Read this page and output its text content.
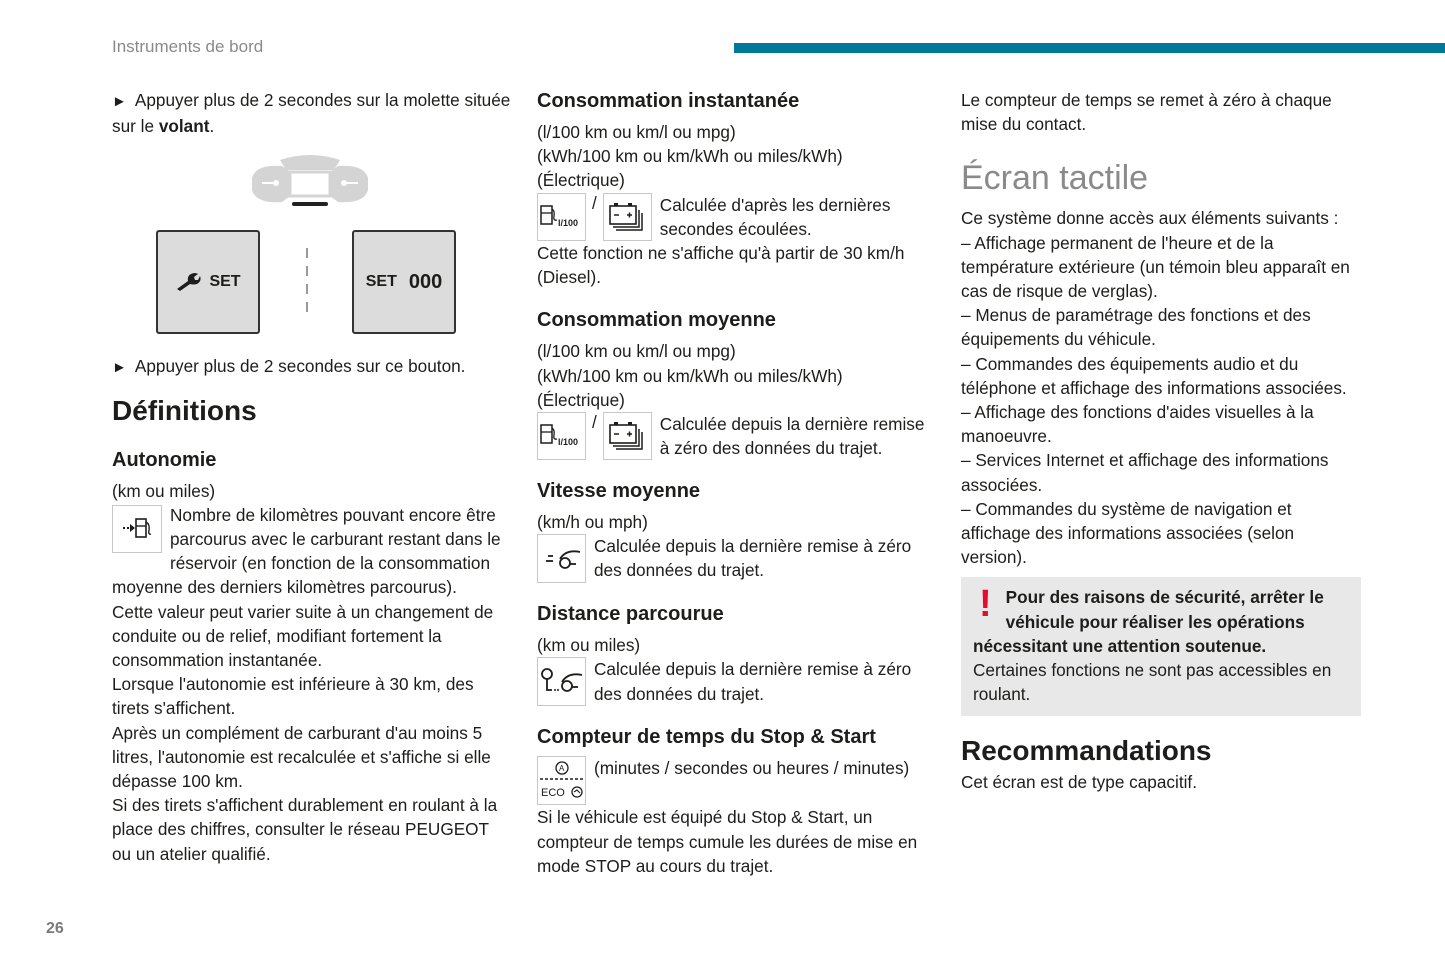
Instruments de bord

► Appuyer plus de 2 secondes sur la molette située sur le volant.

SET	SET 000

► Appuyer plus de 2 secondes sur ce bouton.

Définitions
Autonomie

(km ou miles)

Nombre de kilomètres pouvant encore être parcourus avec le carburant restant dans le réservoir (en fonction de la consommation moyenne des derniers kilomètres parcourus).

Cette valeur peut varier suite à un changement de conduite ou de relief, modifiant fortement la consommation instantanée.

Lorsque l'autonomie est inférieure à 30 km, des tirets s'affichent.

Après un complément de carburant d'au moins 5 litres, l'autonomie est recalculée et s'affiche si elle dépasse 100 km.

Si des tirets s'affichent durablement en roulant à la place des chiffres, consulter le réseau PEUGEOT ou un atelier qualifié.

Consommation instantanée

(l/100 km ou km/l ou mpg)

(kWh/100 km ou km/kWh ou miles/kWh)

(Électrique)

l/100
/	Calculée d'après les dernières secondes écoulées.

Cette fonction ne s'affiche qu'à partir de 30 km/h (Diesel).

Consommation moyenne

(l/100 km ou km/l ou mpg)

(kWh/100 km ou km/kWh ou miles/kWh)

(Électrique)

l/100
/	Calculée depuis la dernière remise à zéro des données du trajet.

Vitesse moyenne

(km/h ou mph)

Calculée depuis la dernière remise à zéro des données du trajet.

Distance parcourue

(km ou miles)

Calculée depuis la dernière remise à zéro des données du trajet.

Compteur de temps du Stop & Start
A
ECO

(minutes / secondes ou heures / minutes)

Si le véhicule est équipé du Stop & Start, un compteur de temps cumule les durées de mise en mode STOP au cours du trajet.

Le compteur de temps se remet à zéro à chaque mise du contact.

Écran tactile

Ce système donne accès aux éléments suivants :

– Affichage permanent de l'heure et de la température extérieure (un témoin bleu apparaît en cas de risque de verglas).

– Menus de paramétrage des fonctions et des équipements du véhicule.

– Commandes des équipements audio et du téléphone et affichage des informations associées.

– Affichage des fonctions d'aides visuelles à la manoeuvre.

– Services Internet et affichage des informations associées.

– Commandes du système de navigation et affichage des informations associées (selon version).

! Pour des raisons de sécurité, arrêter le véhicule pour réaliser les opérations nécessitant une attention soutenue.

Certaines fonctions ne sont pas accessibles en roulant.

Recommandations

Cet écran est de type capacitif.

26
